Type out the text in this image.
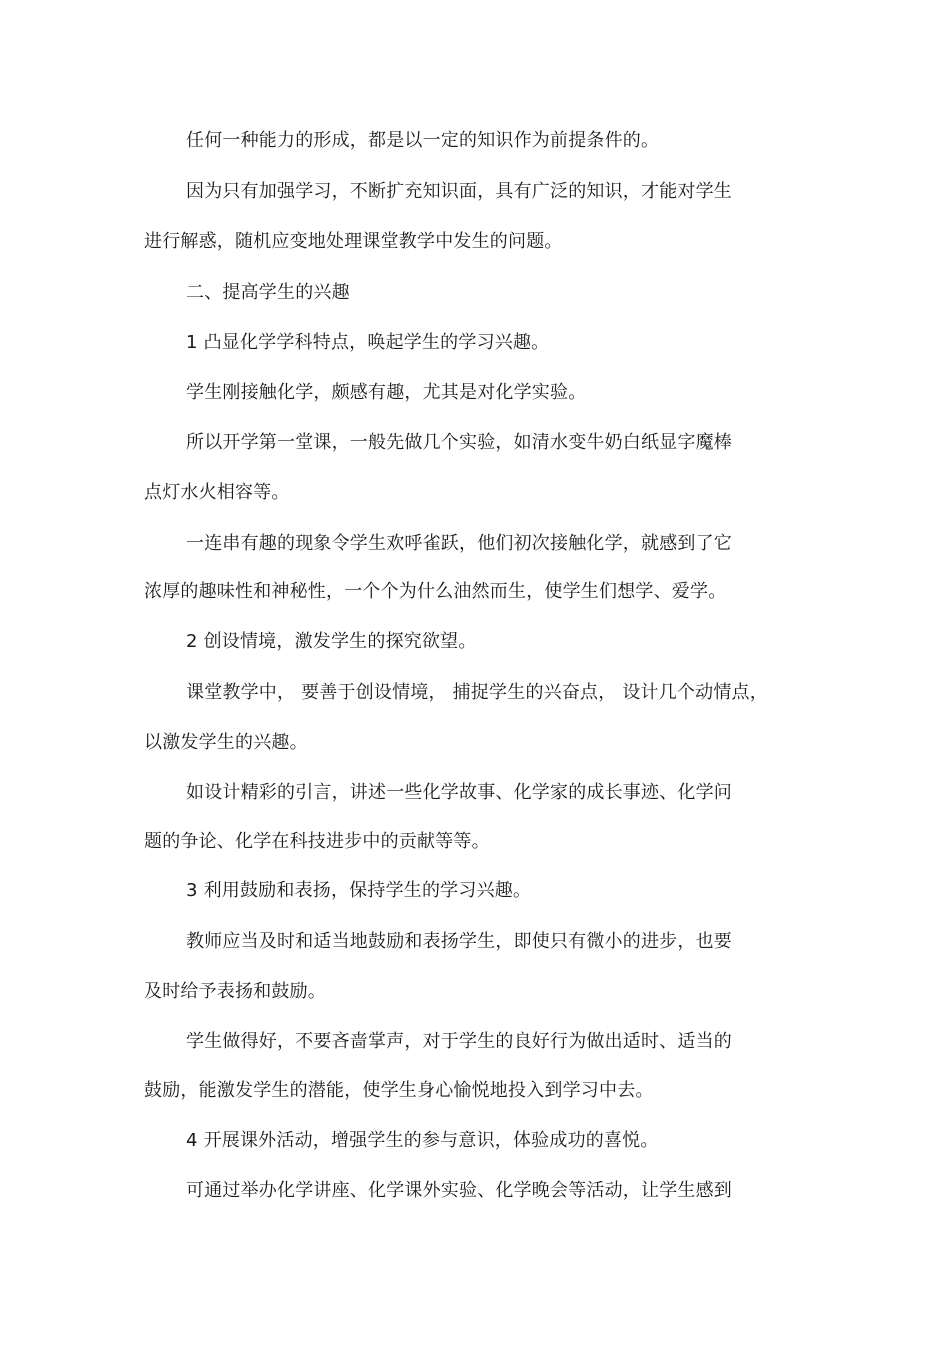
任何一种能力的形成，都是以一定的知识作为前提条件的。
因为只有加强学习，不断扩充知识面，具有广泛的知识，才能对学生
进行解惑，随机应变地处理课堂教学中发生的问题。
二、提高学生的兴趣
1 凸显化学学科特点，唤起学生的学习兴趣。
学生刚接触化学，颇感有趣，尤其是对化学实验。
所以开学第一堂课，一般先做几个实验，如清水变牛奶白纸显字魔棒
点灯水火相容等。
一连串有趣的现象令学生欢呼雀跃，他们初次接触化学，就感到了它
浓厚的趣味性和神秘性，一个个为什么油然而生，使学生们想学、爱学。
2 创设情境，激发学生的探究欲望。
课堂教学中， 要善于创设情境， 捕捉学生的兴奋点， 设计几个动情点，
以激发学生的兴趣。
如设计精彩的引言，讲述一些化学故事、化学家的成长事迹、化学问
题的争论、化学在科技进步中的贡献等等。
3 利用鼓励和表扬，保持学生的学习兴趣。
教师应当及时和适当地鼓励和表扬学生，即使只有微小的进步，也要
及时给予表扬和鼓励。
学生做得好，不要吝啬掌声，对于学生的良好行为做出适时、适当的
鼓励，能激发学生的潜能，使学生身心愉悦地投入到学习中去。
4 开展课外活动，增强学生的参与意识，体验成功的喜悦。
可通过举办化学讲座、化学课外实验、化学晚会等活动，让学生感到
